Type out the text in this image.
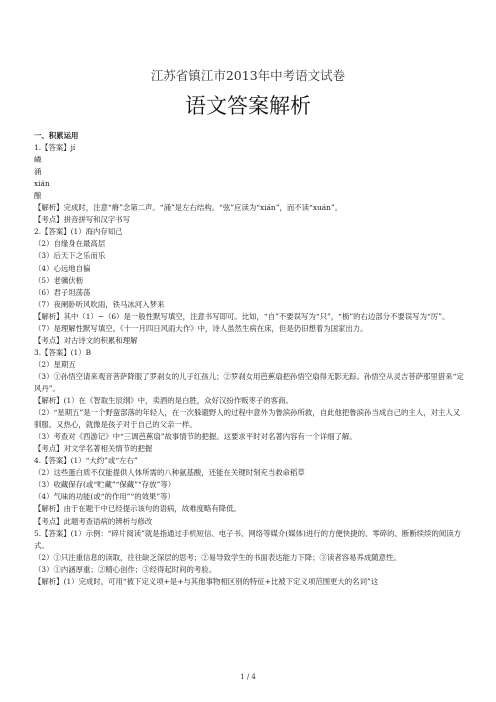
江苏省镇江市2013年中考语文试卷
语文答案解析
一、积累运用
1.【答案】jí
嶙
涌
xián
酿
【解析】完成时，注意“瘠”念第二声。“涌”是左右结构。“弦”应读为“xián”，而不读“xuán”。
【考点】拼音拼写和汉字书写
2.【答案】(1）海内存知己
（2）自缘身在最高层
（3）后天下之乐而乐
（4）心远地自偏
（5）老骥伏枥
（6）君子坦荡荡
（7）夜阑卧听风吹雨，铁马冰河入梦来
【解析】其中（1）~（6）是一般性默写填空，注意书写即可。比如，“自”不要误写为“只”，“枥”的右边部分不要误写为“厉”。
（7）是理解性默写填空。《十一月四日风雨大作》中，诗人虽然生病在床，但是仍旧想着为国家出力。
【考点】对古诗文的积累和理解
3.【答案】(1）B
（2）星期五
（3）①孙悟空请来观音菩萨降服了罗刹女的儿子红孩儿；②罗刹女用芭蕉扇把孙悟空扇得无影无踪。孙悟空从灵吉菩萨那里借来“定风丹”。
【解析】(1）在《智取生辰纲》中，卖酒的是白胜，众好汉扮作贩枣子的客商。
（2）“星期五”是一个野蛮部落的年轻人，在一次躲避野人的过程中意外为鲁滨孙所救，自此他把鲁滨孙当成自己的主人，对主人又驯服、又热心，就像是孩子对于自己的父亲一样。
（3）考查对《西游记》中“三调芭蕉扇”故事情节的把握。这要求平时对名著内容有一个详细了解。
【考点】对文学名著相关情节的把握
4.【答案】(1）“大约”或“左右”
（2）这些蛋白质不仅能提供人体所需的八种氨基酸，还能在关键时刻充当救命稻草
（3）收藏保存(或“贮藏”“保藏”“存放”等）
（4）气味的功能(或“的作用”“的效果”等）
【解析】由于在题干中已经提示该句的语病，故难度略有降低。
【考点】此题考查语病的辨析与修改
5.【答案】(1）示例：“碎片阅读”就是指通过手机短信、电子书、网络等媒介(媒体)进行的方便快捷的、零碎的、断断续续的阅读方式。
（2）①只注重信息的读取，往往缺乏深层的思考；②易导致学生的书面表达能力下降；③读者容易养成随意性。
（3）①内涵厚重；②精心创作；③经得起时间的考验。
【解析】(1）完成时，可用“被下定义项+是+与其他事物相区别的特征+比被下定义项范围更大的名词”这
1 / 4
